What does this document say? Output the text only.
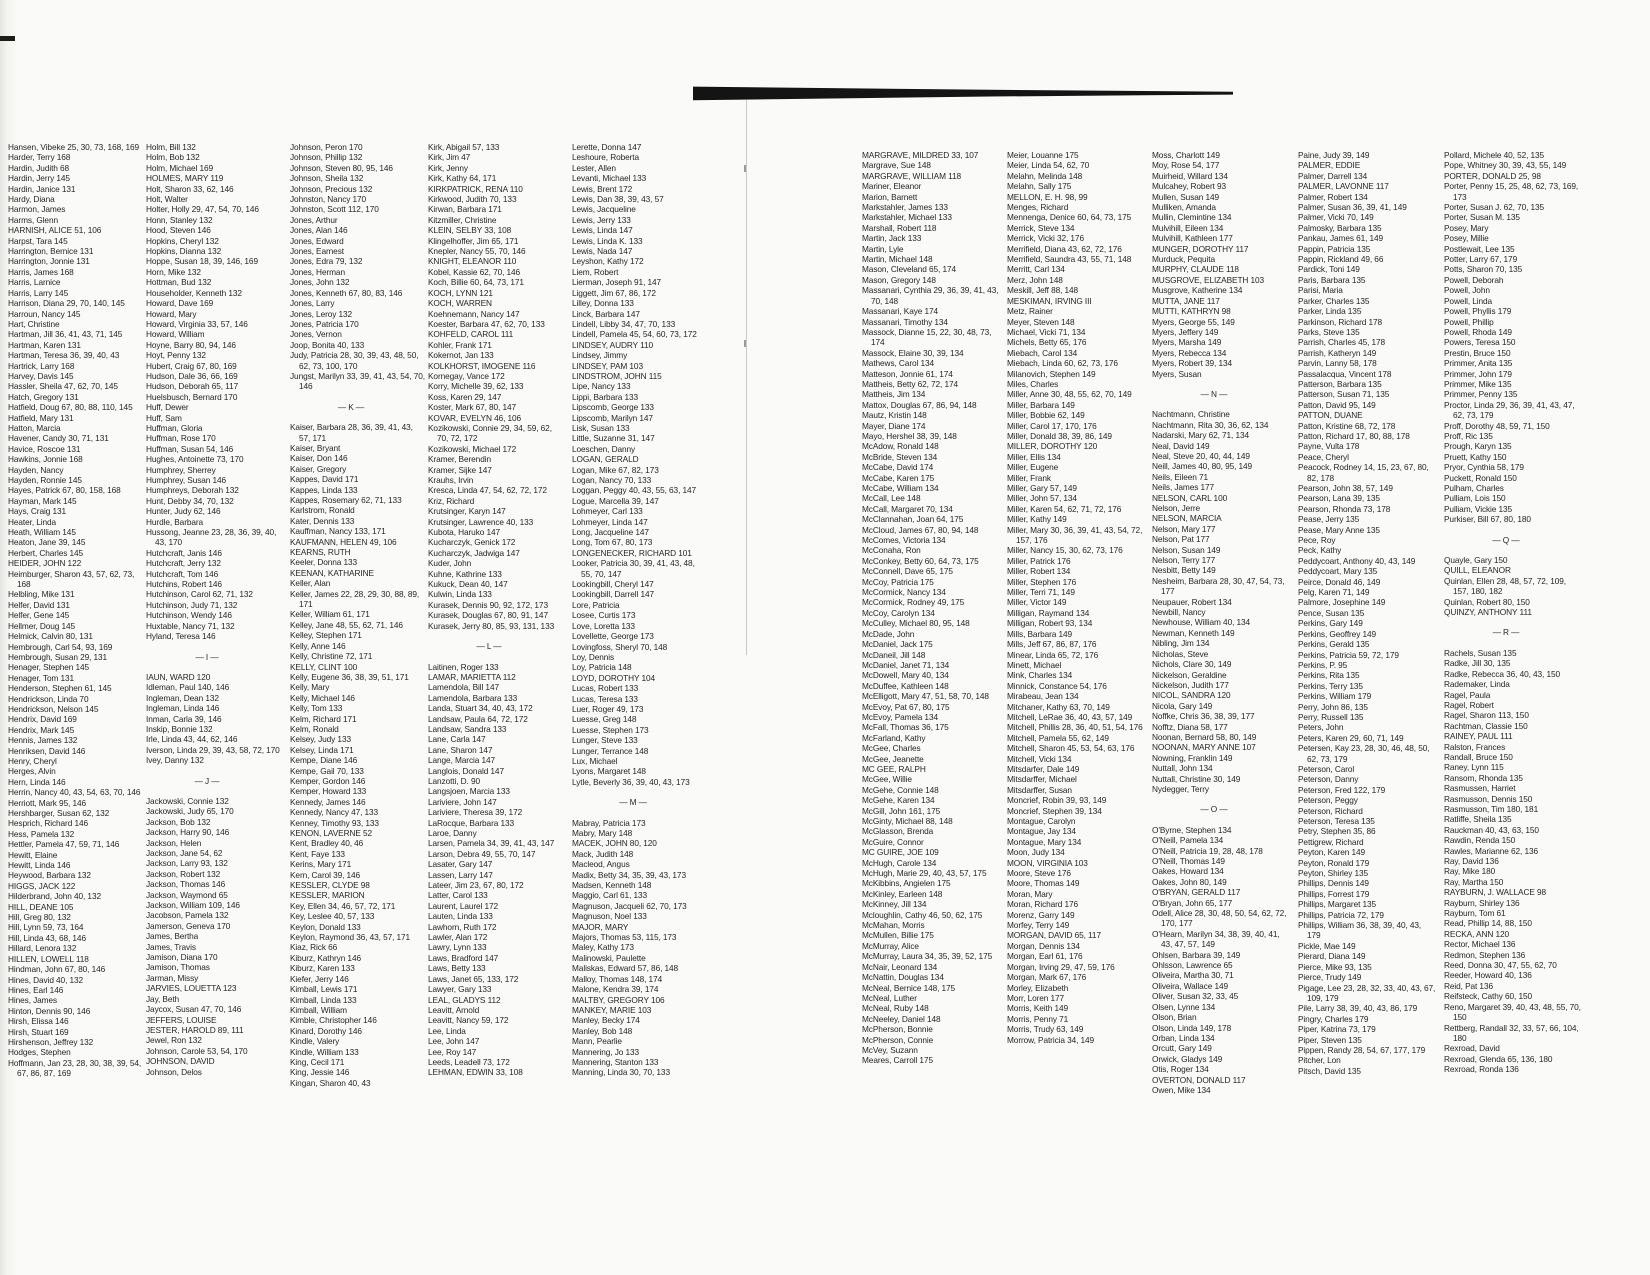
Hansen, Vibeke 25, 30, 73, 168, 169
Harder, Terry 168
Hardin, Judith 68
Hardin, Jerry 145
Hardin, Janice 131
Hardy, Diana
Harmon, James
Harms, Glenn
HARNISH, ALICE 51, 106
Harpst, Tara 145
Harrington, Bernice 131
Harrington, Jonnie 131
Harris, James 168
Harris, Larnice
Harris, Larry 145
Harrison, Diana 29, 70, 140, 145
Harroun, Nancy 145
Hart, Christine
Hartman, Jill 36, 41, 43, 71, 145
Hartman, Karen 131
Hartman, Teresa 36, 39, 40, 43
Hartrick, Larry 168
Harvey, Davis 145
Hassler, Sheila 47, 62, 70, 145
Hatch, Gregory 131
Hatfield, Doug 67, 80, 88, 110, 145
Hatfield, Mary 131
Hatton, Marcia
Havener, Candy 30, 71, 131
Havice, Roscoe 131
Hawkins, Jonnie 168
Hayden, Nancy
Hayden, Ronnie 145
Hayes, Patrick 67, 80, 158, 168
Hayman, Mark 145
Hays, Craig 131
Heater, Linda
Heath, William 145
Heaton, Jane 39, 145
Herbert, Charles 145
HEIDER, JOHN 122
Heimburger, Sharon 43, 57, 62, 73, 168
Helbling, Mike 131
Helfer, David 131
Helfer, Gene 145
Hellmer, Doug 145
Helmick, Calvin 80, 131
Hembrough, Carl 54, 93, 169
Hembrough, Susan 29, 131
Henager, Stephen 145
Henager, Tom 131
Henderson, Stephen 61, 145
Hendrickson, Linda 70
Hendrickson, Nelson 145
Hendrix, David 169
Hendrix, Mark 145
Hennis, James 132
Henriksen, David 146
Henry, Cheryl
Herges, Alvin
Hern, Linda 146
Herrin, Nancy 40, 43, 54, 63, 70, 146
Herriott, Mark 95, 146
Hershbarger, Susan 62, 132
Hesprich, Richard 146
Hess, Pamela 132
Hettler, Pamela 47, 59, 71, 146
Hewitt, Elaine
Hewitt, Linda 146
Heywood, Barbara 132
HIGGS, JACK 122
Hilderbrand, John 40, 132
HILL, DEANE 105
Hill, Greg 80, 132
Hill, Lynn 59, 73, 164
Hill, Linda 43, 68, 146
Hillard, Lenora 132
HILLEN, LOWELL 118
Hindman, John 67, 80, 146
Hines, David 40, 132
Hines, Earl 146
Hines, James
Hinton, Dennis 90, 146
Hirsh, Elissa 146
Hirsh, Stuart 169
Hirshenson, Jeffrey 132
Hodges, Stephen
Hoffmann, Jan 23, 28, 30, 38, 39, 54, 67, 86, 87, 169
Holm, Bill 132
Holm, Bob 132
Holm, Michael 169
HOLMES, MARY 119
Holt, Sharon 33, 62, 146
Holt, Walter
Holter, Holly 29, 47, 54, 70, 146
Honn, Stanley 132
Hood, Steven 146
Hopkins, Cheryl 132
Hopkins, Dianna 132
Hoppe, Susan 18, 39, 146, 169
Horn, Mike 132
Hottman, Bud 132
Householder, Kenneth 132
Howard, Dave 169
Howard, Mary
Howard, Virginia 33, 57, 146
Howard, William
Hoyne, Barry 80, 94, 146
Hoyt, Penny 132
Hubert, Craig 67, 80, 169
Hudson, Dale 36, 66, 169
Hudson, Deborah 65, 117
Huelsbusch, Bernard 170
Huff, Dewer
Huff, Sam
Huffman, Gloria
Huffman, Rose 170
Huffman, Susan 54, 146
Hughes, Antoinette 73, 170
Humphrey, Sherrey
Humphrey, Susan 146
Humphreys, Deborah 132
Hunt, Debby 34, 70, 132
Hunter, Judy 62, 146
Hurdle, Barbara
Hussong, Jeanne 23, 28, 36, 39, 40, 43, 170
Hutchcraft, Janis 146
Hutchcraft, Jerry 132
Hutchcraft, Tom 146
Hutchins, Robert 146
Hutchinson, Carol 62, 71, 132
Hutchinson, Judy 71, 132
Hutchinson, Wendy 146
Huxtable, Nancy 71, 132
Hyland, Teresa 146
— I —
IAUN, WARD 120
Idleman, Paul 140, 146
Ingleman, Dean 132
Ingleman, Linda 146
Inman, Carla 39, 146
Inskip, Bonnie 132
Irle, Linda 43, 44, 62, 146
Iverson, Linda 29, 39, 43, 58, 72, 170
Ivey, Danny 132
— J —
Jackowski, Connie 132
Jackowski, Judy 65, 170
Jackson, Bob 132
Jackson, Harry 90, 146
Jackson, Helen
Jackson, Jane 54, 62
Jackson, Larry 93, 132
Jackson, Robert 132
Jackson, Thomas 146
Jackson, Waymond 65
Jackson, William 109, 146
Jacobson, Pamela 132
Jamerson, Geneva 170
James, Bertha
James, Travis
Jamison, Diana 170
Jamison, Thomas
Jarman, Missy
JARVIES, LOUETTA 123
Jay, Beth
Jaycox, Susan 47, 70, 146
JEFFERS, LOUISE
JESTER, HAROLD 89, 111
Jewel, Ron 132
Johnson, Carole 53, 54, 170
JOHNSON, DAVID
Johnson, Delos
Johnson, Peron 170
Johnson, Phillip 132
Johnson, Steven 80, 95, 146
Johnson, Sheila 132
Johnson, Precious 132
Johnston, Nancy 170
Johnston, Scott 112, 170
Jones, Arthur
Jones, Alan 146
Jones, Edward
Jones, Earnest
Jones, Edra 79, 132
Jones, Herman
Jones, John 132
Jones, Kenneth 67, 80, 83, 146
Jones, Larry
Jones, Leroy 132
Jones, Patricia 170
Jones, Vernon
Joop, Bonita 40, 133
Judy, Patricia 28, 30, 39, 43, 48, 50, 62, 73, 100, 170
Jungst, Marilyn 33, 39, 41, 43, 54, 70, 146
— K —
Kaiser, Barbara 28, 36, 39, 41, 43, 57, 171
Kaiser, Bryant
Kaiser, Don 146
Kaiser, Gregory
Kappes, David 171
Kappes, Linda 133
Kappes, Rosemary 62, 71, 133
Karlstrom, Ronald
Kater, Dennis 133
Kauffman, Nancy 133, 171
KAUFMANN, HELEN 49, 106
KEARNS, RUTH
Keeler, Donna 133
KEENAN, KATHARINE
Keller, Alan
Keller, James 22, 28, 29, 30, 88, 89, 171
Keller, William 61, 171
Kelley, Jane 48, 55, 62, 71, 146
Kelley, Stephen 171
Kelly, Anne 146
Kelly, Christine 72, 171
KELLY, CLINT 100
Kelly, Eugene 36, 38, 39, 51, 171
Kelly, Mary
Kelly, Michael 146
Kelly, Tom 133
Kelm, Richard 171
Kelm, Ronald
Kelsey, Judy 133
Kelsey, Linda 171
Kempe, Diane 146
Kempe, Gail 70, 133
Kemper, Gordon 146
Kemper, Howard 133
Kennedy, James 146
Kennedy, Nancy 47, 133
Kenney, Timothy 93, 133
KENON, LAVERNE 52
Kent, Bradley 40, 46
Kent, Faye 133
Kerins, Mary 171
Kern, Carol 39, 146
KESSLER, CLYDE 98
KESSLER, MARION
Key, Ellen 34, 46, 57, 72, 171
Key, Leslee 40, 57, 133
Keylon, Donald 133
Keylon, Raymond 36, 43, 57, 171
Kiaz, Rick 66
Kiburz, Kathryn 146
Kiburz, Karen 133
Kiefer, Jerry 146
Kimball, Lewis 171
Kimball, Linda 133
Kimball, William
Kimble, Christopher 146
Kinard, Dorothy 146
Kindle, Valery
Kindle, William 133
King, Cecil 171
King, Jessie 146
Kingan, Sharon 40, 43
Kirk, Abigail 57, 133
Kirk, Jim 47
Kirk, Jenny
Kirk, Kathy 64, 171
KIRKPATRICK, RENA 110
Kirkwood, Judith 70, 133
Kirwan, Barbara 171
Kitzmiller, Christine
KLEIN, SELBY 33, 108
Klingelhoffer, Jim 65, 171
Knepler, Nancy 55, 70, 146
KNIGHT, ELEANOR 110
Kobel, Kassie 62, 70, 146
Koch, Billie 60, 64, 73, 171
KOCH, LYNN 121
KOCH, WARREN
Koehnemann, Nancy 147
Koester, Barbara 47, 62, 70, 133
KOHFELD, CAROL 111
Kohler, Frank 171
Kokernot, Jan 133
KOLKHORST, IMOGENE 116
Kornegay, Vance 172
Korry, Michelle 39, 62, 133
Koss, Karen 29, 147
Koster, Mark 67, 80, 147
KOVAR, EVELYN 46, 106
Kozikowski, Connie 29, 34, 59, 62, 70, 72, 172
Kozikowski, Michael 172
Kramer, Berendin
Kramer, Sijke 147
Krauhs, Irvin
Kresca, Linda 47, 54, 62, 72, 172
Kriz, Richard
Krutsinger, Karyn 147
Krutsinger, Lawrence 40, 133
Kubota, Haruko 147
Kucharczyk, Genick 172
Kucharczyk, Jadwiga 147
Kuder, John
Kuhne, Kathrine 133
Kukuck, Dean 40, 147
Kulwin, Linda 133
Kurasek, Dennis 90, 92, 172, 173
Kurasek, Douglas 67, 80, 91, 147
Kurasek, Jerry 80, 85, 93, 131, 133
— L —
Laitinen, Roger 133
LAMAR, MARIETTA 112
Lamendola, Bill 147
Lamendola, Barbara 133
Landa, Stuart 34, 40, 43, 172
Landsaw, Paula 64, 72, 172
Landsaw, Sandra 133
Lane, Carla 147
Lane, Sharon 147
Lange, Marcia 147
Langlois, Donald 147
Lanzotti, D. 90
Langsjoen, Marcia 133
Lariviere, John 147
Lariviere, Theresa 39, 172
LaRocque, Barbara 133
Laroe, Danny
Larsen, Pamela 34, 39, 41, 43, 147
Larson, Debra 49, 55, 70, 147
Lasater, Gary 147
Lassen, Larry 147
Lateer, Jim 23, 67, 80, 172
Latter, Carol 133
Laurent, Laurel 172
Lauten, Linda 133
Lawhorn, Ruth 172
Lawler, Alan 172
Lawry, Lynn 133
Laws, Bradford 147
Laws, Betty 133
Laws, Janet 65, 133, 172
Lawyer, Gary 133
LEAL, GLADYS 112
Leavitt, Arnold
Leavitt, Nancy 59, 172
Lee, Linda
Lee, John 147
Lee, Roy 147
Leeds, Leadell 73, 172
LEHMAN, EDWIN 33, 108
Lerette, Donna 147
Leshoure, Roberta
Lester, Allen
Levanti, Michael 133
Lewis, Brent 172
Lewis, Dan 38, 39, 43, 57
Lewis, Jacqueline
Lewis, Jerry 133
Lewis, Linda 147
Lewis, Linda K. 133
Lewis, Nada 147
Leyshon, Kathy 172
Liem, Robert
Lierman, Joseph 91, 147
Liggett, Jim 67, 86, 172
Lilley, Donna 133
Linck, Barbara 147
Lindell, Libby 34, 47, 70, 133
Lindell, Pamela 45, 54, 60, 73, 172
LINDSEY, AUDRY 110
Lindsey, Jimmy
LINDSEY, PAM 103
LINDSTROM, JOHN 115
Lipe, Nancy 133
Lippi, Barbara 133
Lipscomb, George 133
Lipscomb, Marilyn 147
Lisk, Susan 133
Little, Suzanne 31, 147
Loeschen, Danny
LOGAN, GERALD
Logan, Mike 67, 82, 173
Logan, Nancy 70, 133
Loggan, Peggy 40, 43, 55, 63, 147
Logue, Marcella 39, 147
Lohmeyer, Carl 133
Lohmeyer, Linda 147
Long, Jacqueline 147
Long, Tom 67, 80, 173
LONGENECKER, RICHARD 101
Looker, Patricia 30, 39, 41, 43, 48, 55, 70, 147
Lookingbill, Cheryl 147
Lookingbill, Darrell 147
Lore, Patricia
Losee, Curtis 173
Love, Loretta 133
Lovellette, George 173
Lovingfoss, Sheryl 70, 148
Loy, Dennis
Loy, Patricia 148
LOYD, DOROTHY 104
Lucas, Robert 133
Lucas, Teresa 133
Luer, Roger 49, 173
Luesse, Greg 148
Luesse, Stephen 173
Lunger, Steve 133
Lunger, Terrance 148
Lux, Michael
Lyons, Margaret 148
Lytle, Beverly 36, 39, 40, 43, 173
— M —
Mabray, Patricia 173
Mabry, Mary 148
MACEK, JOHN 80, 120
Mack, Judith 148
Macleod, Angus
Madix, Betty 34, 35, 39, 43, 173
Madsen, Kenneth 148
Maggio, Carl 61, 133
Magnuson, Jacqueli 62, 70, 173
Magnuson, Noel 133
MAJOR, MARY
Majors, Thomas 53, 115, 173
Maley, Kathy 173
Malinowski, Paulette
Maliskas, Edward 57, 86, 148
Malloy, Thomas 148, 174
Malone, Kendra 39, 174
MALTBY, GREGORY 106
MANKEY, MARIE 103
Manley, Becky 174
Manley, Bob 148
Mann, Pearlie
Mannering, Jo 133
Mannering, Stanton 133
Manning, Linda 30, 70, 133
MARGRAVE, MILDRED 33, 107
Margrave, Sue 148
MARGRAVE, WILLIAM 118
Mariner, Eleanor
Marion, Barnett
Markstahler, James 133
Markstahler, Michael 133
Marshall, Robert 118
Martin, Jack 133
Martin, Lyle
Martin, Michael 148
Mason, Cleveland 65, 174
Mason, Gregory 148
Massanari, Cynthia 29, 36, 39, 41, 43, 70, 148
Massanari, Kaye 174
Massanari, Timothy 134
Massock, Dianne 15, 22, 30, 48, 73, 174
Massock, Elaine 30, 39, 134
Mathews, Carol 134
Matteson, Jonnie 61, 174
Mattheis, Betty 62, 72, 174
Mattheis, Jim 134
Mattox, Douglas 67, 86, 94, 148
Mautz, Kristin 148
Mayer, Diane 174
Mayo, Hershel 38, 39, 148
McAdow, Ronald 148
McBride, Steven 134
McCabe, David 174
McCabe, Karen 175
McCabe, William 134
McCall, Lee 148
McCall, Margaret 70, 134
McClannahan, Joan 64, 175
McCloud, James 67, 80, 94, 148
McComes, Victoria 134
McConaha, Ron
McConkey, Betty 60, 64, 73, 175
McConnell, Dave 65, 175
McCoy, Patricia 175
McCormick, Nancy 134
McCormick, Rodney 49, 175
McCoy, Carolyn 134
McCulley, Michael 80, 95, 148
McDade, John
McDaniel, Jack 175
McDaneil, Jill 148
McDaniel, Janet 71, 134
McDowell, Mary 40, 134
McDuffee, Kathleen 148
McElligott, Mary 47, 51, 58, 70, 148
McEvoy, Pat 67, 80, 175
McEvoy, Pamela 134
McFall, Thomas 36, 175
McFarland, Kathy
McGee, Charles
McGee, Jeanette
MC GEE, RALPH
McGee, Willie
McGehe, Connie 148
McGehe, Karen 134
McGill, John 161, 175
McGinty, Michael 88, 148
McGlasson, Brenda
McGuire, Connor
MC GUIRE, JOE 109
McHugh, Carole 134
McHugh, Marie 29, 40, 43, 57, 175
McKibbins, Angielen 175
McKinley, Earleen 148
McKinney, Jill 134
Mcloughlin, Cathy 46, 50, 62, 175
McMahan, Morris
McMullen, Billie 175
McMurray, Alice
McMurray, Laura 34, 35, 39, 52, 175
McNair, Leonard 134
McNattin, Douglas 134
McNeal, Bernice 148, 175
McNeal, Luther
McNeal, Ruby 148
McNeeley, Daniel 148
McPherson, Bonnie
McPherson, Connie
McVey, Suzann
Meares, Carroll 175
Meier, Louanne 175
Meier, Linda 54, 62, 70
Melahn, Melinda 148
Melahn, Sally 175
MELLON, E. H. 98, 99
Menges, Richard
Mennenga, Denice 60, 64, 73, 175
Merrick, Steve 134
Merrick, Vicki 32, 176
Merrifield, Diana 43, 62, 72, 176
Merrifield, Saundra 43, 55, 71, 148
Merritt, Carl 134
Merz, John 148
Meskill, Jeff 88, 148
MESKIMAN, IRVING III
Metz, Rainer
Meyer, Steven 148
Michael, Vicki 71, 134
Michels, Betty 65, 176
Miebach, Carol 134
Miebach, Linda 60, 62, 73, 176
Milanovich, Stephen 149
Miles, Charles
Miller, Anne 30, 48, 55, 62, 70, 149
Miller, Barbara 149
Miller, Bobbie 62, 149
Miller, Carol 17, 170, 176
Miller, Donald 38, 39, 86, 149
MILLER, DOROTHY 120
Miller, Ellis 134
Miller, Eugene
Miller, Frank
Miller, Gary 57, 149
Miller, John 57, 134
Miller, Karen 54, 62, 71, 72, 176
Miller, Kathy 149
Miller, Mary 30, 36, 39, 41, 43, 54, 72, 157, 176
Miller, Nancy 15, 30, 62, 73, 176
Miller, Patrick 176
Miller, Robert 134
Miller, Stephen 176
Miller, Terri 71, 149
Miller, Victor 149
Milligan, Raymand 134
Milligan, Robert 93, 134
Mills, Barbara 149
Mills, Jeff 67, 86, 87, 176
Minear, Linda 65, 72, 176
Minett, Michael
Mink, Charles 134
Minnick, Constance 54, 176
Mirabeau, Jean 134
Mitchaner, Kathy 63, 70, 149
Mitchell, LeRae 36, 40, 43, 57, 149
Mitchell, Phillis 28, 36, 40, 51, 54, 176
Mitchell, Pamela 55, 62, 149
Mitchell, Sharon 45, 53, 54, 63, 176
Mitchell, Vicki 134
Mitsdarfer, Dale 149
Mitsdarffer, Michael
Mitsdarffer, Susan
Moncrief, Robin 39, 93, 149
Moncrief, Stephen 39, 134
Montague, Carolyn
Montague, Jay 134
Montague, Mary 134
Moon, Judy 134
MOON, VIRGINIA 103
Moore, Steve 176
Moore, Thomas 149
Moran, Mary
Moran, Richard 176
Morenz, Garry 149
Morfey, Terry 149
MORGAN, DAVID 65, 117
Morgan, Dennis 134
Morgan, Earl 61, 176
Morgan, Irving 29, 47, 59, 176
Morgan, Mark 67, 176
Morley, Elizabeth
Morr, Loren 177
Morris, Keith 149
Morris, Penny 71
Morris, Trudy 63, 149
Morrow, Patricia 34, 149
Moss, Charlott 149
Moy, Rose 54, 177
Muirheid, Willard 134
Mulcahey, Robert 93
Mullen, Susan 149
Mulliken, Amanda
Mullin, Clemintine 134
Mulvihill, Eileen 134
Mulvihill, Kathleen 177
MUNGER, DOROTHY 117
Murduck, Pequita
MURPHY, CLAUDE 118
MUSGROVE, ELIZABETH 103
Musgrove, Katherine 134
MUTTA, JANE 117
MUTTI, KATHRYN 98
Myers, George 55, 149
Myers, Jeffery 149
Myers, Marsha 149
Myers, Rebecca 134
Myers, Robert 39, 134
Myers, Susan
— N —
Nachtmann, Christine
Nachtmann, Rita 30, 36, 62, 134
Nadarski, Mary 62, 71, 134
Neal, David 149
Neal, Steve 20, 40, 44, 149
Neill, James 40, 80, 95, 149
Neils, Eileen 71
Neils, James 177
NELSON, CARL 100
Nelson, Jerre
NELSON, MARCIA
Nelson, Mary 177
Nelson, Pat 177
Nelson, Susan 149
Nelson, Terry 177
Nesbitt, Betty 149
Nesheim, Barbara 28, 30, 47, 54, 73, 177
Neupauer, Robert 134
Newbill, Nancy
Newhouse, William 40, 134
Newman, Kenneth 149
Nibling, Jim 134
Nicholas, Steve
Nichols, Clare 30, 149
Nickelson, Geraldine
Nickelson, Judith 177
NICOL, SANDRA 120
Nicola, Gary 149
Noffke, Chris 36, 38, 39, 177
Nofftz, Diana 58, 177
Noonan, Bernard 58, 80, 149
NOONAN, MARY ANNE 107
Nowning, Franklin 149
Nuttall, John 134
Nuttall, Christine 30, 149
Nydegger, Terry
— O —
O'Byrne, Stephen 134
O'Neill, Pamela 134
O'Neill, Patricia 19, 28, 48, 178
O'Neill, Thomas 149
Oakes, Howard 134
Oakes, John 80, 149
O'BRYAN, GERALD 117
O'Bryan, John 65, 177
Odell, Alice 28, 30, 48, 50, 54, 62, 72, 170, 177
O'Hearn, Marilyn 34, 38, 39, 40, 41, 43, 47, 57, 149
Ohlsen, Barbara 39, 149
Ohlsson, Lawrence 65
Oliveira, Martha 30, 71
Oliveira, Wallace 149
Oliver, Susan 32, 33, 45
Olsen, Lynne 134
Olson, Brian
Olson, Linda 149, 178
Orban, Linda 134
Orcutt, Gary 149
Orwick, Gladys 149
Otis, Roger 134
OVERTON, DONALD 117
Owen, Mike 134
Paine, Judy 39, 149
PALMER, EDDIE
Palmer, Darrell 134
PALMER, LAVONNE 117
Palmer, Robert 134
Palmer, Susan 36, 39, 41, 149
Palmer, Vicki 70, 149
Palmosky, Barbara 135
Pankau, James 61, 149
Pappin, Patricia 135
Pappin, Rickland 49, 66
Pardick, Toni 149
Paris, Barbara 135
Parisi, Maria
Parker, Charles 135
Parker, Linda 135
Parkinson, Richard 178
Parks, Steve 135
Parrish, Charles 45, 178
Parrish, Katheryn 149
Parvin, Lanny 58, 178
Passalacqua, Vincent 178
Patterson, Barbara 135
Patterson, Susan 71, 135
Patton, David 95, 149
PATTON, DUANE
Patton, Kristine 68, 72, 178
Patton, Richard 17, 80, 88, 178
Payne, Vulta 178
Peace, Cheryl
Peacock, Rodney 14, 15, 23, 67, 80, 82, 178
Pearson, John 38, 57, 149
Pearson, Lana 39, 135
Pearson, Rhonda 73, 178
Pease, Jerry 135
Pease, Mary Anne 135
Pece, Roy
Peck, Kathy
Peddycoart, Anthony 40, 43, 149
Peddycoart, Mary 135
Peirce, Donald 46, 149
Pelg, Karen 71, 149
Palmore, Josephine 149
Pence, Susan 135
Perkins, Gary 149
Perkins, Geoffrey 149
Perkins, Gerald 135
Perkins, Patricia 59, 72, 179
Perkins, P. 95
Perkins, Rita 135
Perkins, Terry 135
Perkins, William 179
Perry, John 86, 135
Perry, Russell 135
Peters, John
Peters, Karen 29, 60, 71, 149
Petersen, Kay 23, 28, 30, 46, 48, 50, 62, 73, 179
Peterson, Carol
Peterson, Danny
Peterson, Fred 122, 179
Peterson, Peggy
Peterson, Richard
Peterson, Teresa 135
Petry, Stephen 35, 86
Pettigrew, Richard
Peyton, Karen 149
Peyton, Ronald 179
Peyton, Shirley 135
Phillips, Dennis 149
Phillips, Forrest 179
Phillips, Margaret 135
Phillips, Patricia 72, 179
Phillips, William 36, 38, 39, 40, 43, 179
Pickle, Mae 149
Pierard, Diana 149
Pierce, Mike 93, 135
Pierce, Trudy 149
Pigage, Lee 23, 28, 32, 33, 40, 43, 67, 109, 179
Pile, Larry 38, 39, 40, 43, 86, 179
Pingry, Charles 179
Piper, Katrina 73, 179
Piper, Steven 135
Pippen, Randy 28, 54, 67, 177, 179
Pitcher, Lon
Pitsch, David 135
Pollard, Michele 40, 52, 135
Pope, Whitney 30, 39, 43, 55, 149
PORTER, DONALD 25, 98
Porter, Penny 15, 25, 48, 62, 73, 169, 173
Porter, Susan J. 62, 70, 135
Porter, Susan M. 135
Posey, Mary
Posey, Millie
Postlewait, Lee 135
Potter, Larry 67, 179
Potts, Sharon 70, 135
Powell, Deborah
Powell, John
Powell, Linda
Powell, Phyllis 179
Powell, Phillip
Powell, Rhoda 149
Powers, Teresa 150
Prestin, Bruce 150
Primmer, Anita 135
Primmer, John 179
Primmer, Mike 135
Primmer, Penny 135
Proctor, Linda 29, 36, 39, 41, 43, 47, 62, 73, 179
Proff, Dorothy 48, 59, 71, 150
Proff, Ric 135
Prough, Karyn 135
Pruett, Kathy 150
Pryor, Cynthia 58, 179
Puckett, Ronald 150
Pulham, Charles
Pulliam, Lois 150
Pulliam, Vickie 135
Purkiser, Bill 67, 80, 180
— Q —
Quayle, Gary 150
QUILL, ELEANOR
Quinlan, Ellen 28, 48, 57, 72, 109, 157, 180, 182
Quinlan, Robert 80, 150
QUINZY, ANTHONY 111
— R —
Rachels, Susan 135
Radke, Jill 30, 135
Radke, Rebecca 36, 40, 43, 150
Rademaker, Linda
Ragel, Paula
Ragel, Robert
Ragel, Sharon 113, 150
Rachtman, Classie 150
RAINEY, PAUL 111
Ralston, Frances
Randall, Bruce 150
Raney, Lynn 115
Ransom, Rhonda 135
Rasmussen, Harriet
Rasmusson, Dennis 150
Rasmusson, Tim 180, 181
Ratliffe, Sheila 135
Rauckman 40, 43, 63, 150
Rawdin, Renda 150
Rawles, Marianne 62, 136
Ray, David 136
Ray, Mike 180
Ray, Martha 150
RAYBURN, J. WALLACE 98
Rayburn, Shirley 136
Rayburn, Tom 61
Read, Phillip 14, 88, 150
RECKA, ANN 120
Rector, Michael 136
Redmon, Stephen 136
Reed, Donna 30, 47, 55, 62, 70
Reeder, Howard 40, 136
Reid, Pat 136
Reifsteck, Cathy 60, 150
Reno, Margaret 39, 40, 43, 48, 55, 70, 150
Rettberg, Randall 32, 33, 57, 66, 104, 180
Rexroad, David
Rexroad, Glenda 65, 136, 180
Rexroad, Ronda 136
